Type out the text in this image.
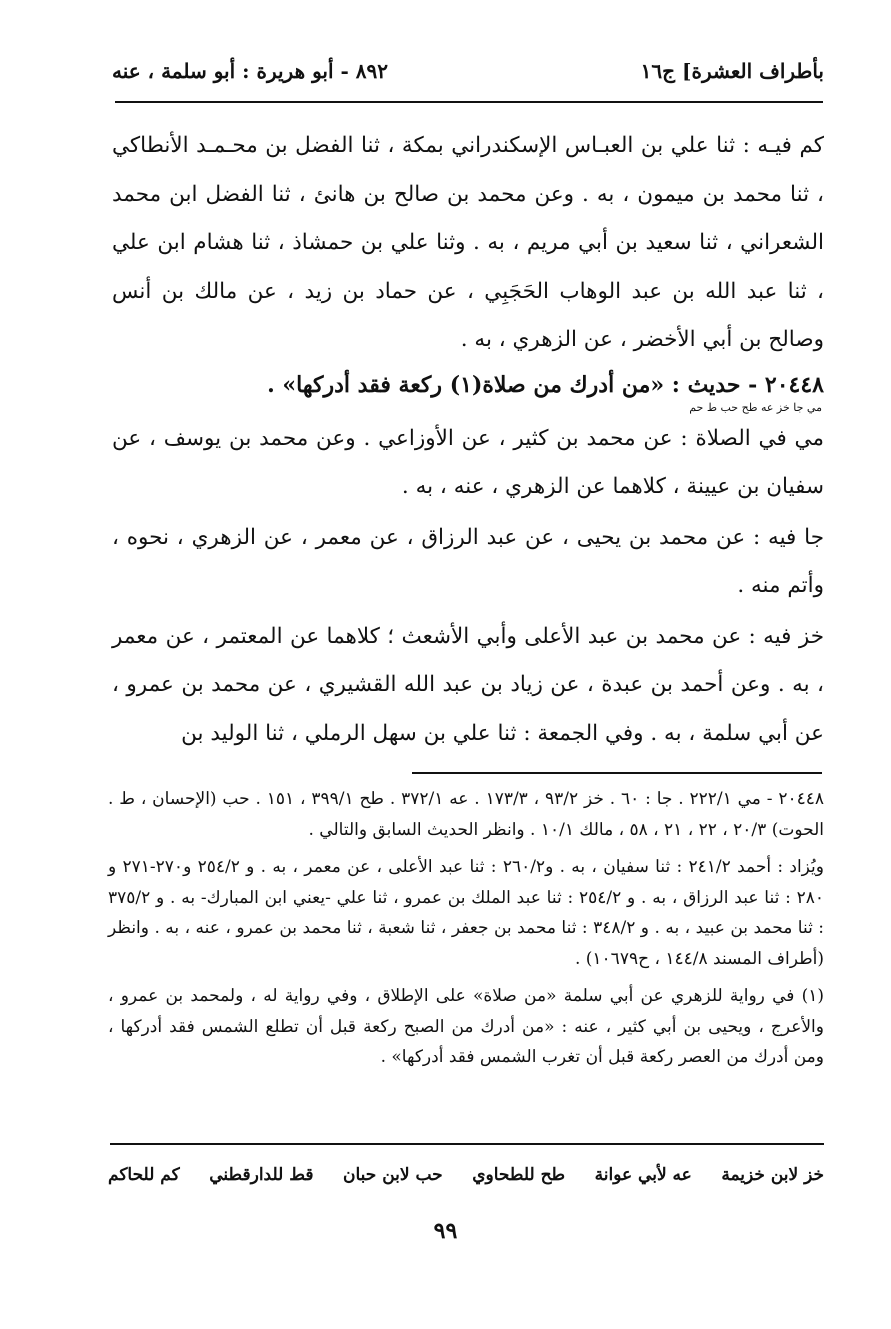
بأطراف العشرة] ج١٦
٨٩٢ - أبو هريرة : أبو سلمة ، عنه

كم فيـه : ثنا علي بن العبـاس الإسكندراني بمكة ، ثنا الفضل بن محـمـد الأنطاكي ، ثنا محمد بن ميمون ، به . وعن محمد بن صالح بن هانئ ، ثنا الفضل ابن محمد الشعراني ، ثنا سعيد بن أبي مريم ، به . وثنا علي بن حمشاذ ، ثنا هشام ابن علي ، ثنا عبد الله بن عبد الوهاب الحَجَبِي ، عن حماد بن زيد ، عن مالك بن أنس وصالح بن أبي الأخضر ، عن الزهري ، به .

٢٠٤٤٨ - حديث : «من أدرك من صلاة(١) ركعة فقد أدركها» .

مي جا خز عه طح حب ط حم

مي في الصلاة : عن محمد بن كثير ، عن الأوزاعي . وعن محمد بن يوسف ، عن سفيان بن عيينة ، كلاهما عن الزهري ، عنه ، به .

جا فيه : عن محمد بن يحيى ، عن عبد الرزاق ، عن معمر ، عن الزهري ، نحوه ، وأتم منه .

خز فيه : عن محمد بن عبد الأعلى وأبي الأشعث ؛ كلاهما عن المعتمر ، عن معمر ، به . وعن أحمد بن عبدة ، عن زياد بن عبد الله القشيري ، عن محمد بن عمرو ، عن أبي سلمة ، به . وفي الجمعة : ثنا علي بن سهل الرملي ، ثنا الوليد بن

٢٠٤٤٨ - مي ٢٢٢/١ . جا : ٦٠ . خز ٩٣/٢ ، ١٧٣/٣ . عه ٣٧٢/١ . طح ٣٩٩/١ ، ١٥١ . حب (الإحسان ، ط . الحوت) ٢٠/٣ ، ٢٢ ، ٢١ ، ٥٨ ، مالك ١٠/١ . وانظر الحديث السابق والتالي .

ويُزاد : أحمد ٢٤١/٢ : ثنا سفيان ، به . و٢٦٠/٢ : ثنا عبد الأعلى ، عن معمر ، به . و ٢٥٤/٢ و٢٧٠-٢٧١ و ٢٨٠ : ثنا عبد الرزاق ، به . و ٢٥٤/٢ : ثنا عبد الملك بن عمرو ، ثنا علي -يعني ابن المبارك- به . و ٣٧٥/٢ : ثنا محمد بن عبيد ، به . و ٣٤٨/٢ : ثنا محمد بن جعفر ، ثنا شعبة ، ثنا محمد بن عمرو ، عنه ، به . وانظر (أطراف المسند ١٤٤/٨ ، ح١٠٦٧٩) .

(١) في رواية للزهري عن أبي سلمة «من صلاة» على الإطلاق ، وفي رواية له ، ولمحمد بن عمرو ، والأعرج ، ويحيى بن أبي كثير ، عنه : «من أدرك من الصبح ركعة قبل أن تطلع الشمس فقد أدركها ، ومن أدرك من العصر ركعة قبل أن تغرب الشمس فقد أدركها» .

خز لابن خزيمة
عه لأبي عوانة
طح للطحاوي
حب لابن حبان
قط للدارقطني
كم للحاكم
٩٩
